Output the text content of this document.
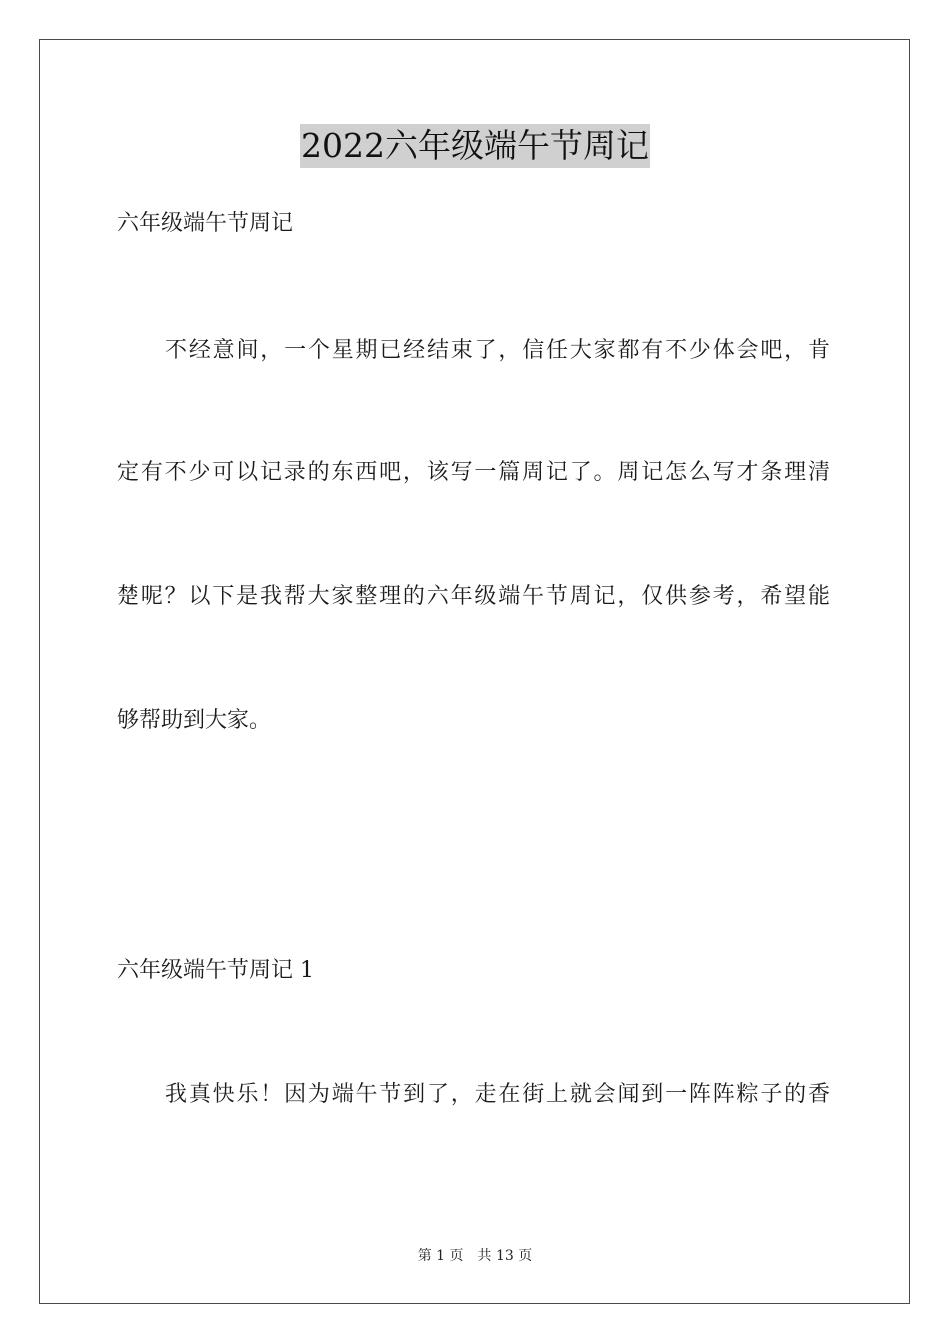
2022六年级端午节周记
六年级端午节周记
不经意间，一个星期已经结束了，信任大家都有不少体会吧，肯
定有不少可以记录的东西吧，该写一篇周记了。周记怎么写才条理清
楚呢？以下是我帮大家整理的六年级端午节周记，仅供参考，希望能
够帮助到大家。
六年级端午节周记 1
我真快乐！因为端午节到了，走在街上就会闻到一阵阵粽子的香
第 1 页 共 13 页
